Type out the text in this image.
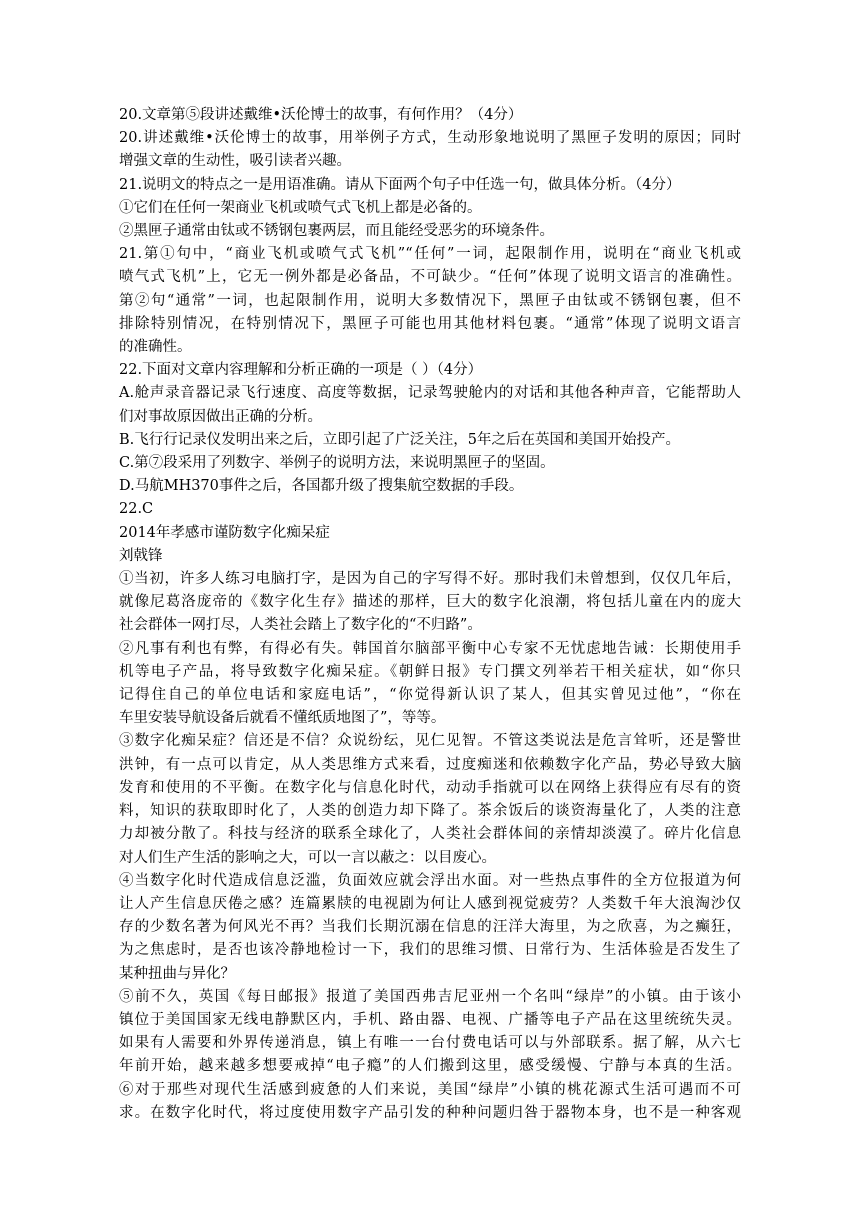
20.文章第⑤段讲述戴维•沃伦博士的故事，有何作用？（4分）

20.讲述戴维•沃伦博士的故事，用举例子方式，生动形象地说明了黑匣子发明的原因；同时

增强文章的生动性，吸引读者兴趣。

21.说明文的特点之一是用语准确。请从下面两个句子中任选一句，做具体分析。（4分）

①它们在任何一架商业飞机或喷气式飞机上都是必备的。

②黑匣子通常由钛或不锈钢包裹两层，而且能经受恶劣的环境条件。

21.第①句中，“商业飞机或喷气式飞机”“任何”一词，起限制作用，说明在“商业飞机或

喷气式飞机”上，它无一例外都是必备品，不可缺少。“任何”体现了说明文语言的准确性。

第②句“通常”一词，也起限制作用，说明大多数情况下，黑匣子由钛或不锈钢包裹，但不

排除特别情况，在特别情况下，黑匣子可能也用其他材料包裹。“通常”体现了说明文语言

的准确性。

22.下面对文章内容理解和分析正确的一项是（ ）（4分）

A.舱声录音器记录飞行速度、高度等数据，记录驾驶舱内的对话和其他各种声音，它能帮助人

们对事故原因做出正确的分析。

B.飞行行记录仪发明出来之后，立即引起了广泛关注，5年之后在英国和美国开始投产。

C.第⑦段采用了列数字、举例子的说明方法，来说明黑匣子的坚固。

D.马航MH370事件之后，各国都升级了搜集航空数据的手段。

22.C

2014年孝感市谨防数字化痴呆症

刘戟锋

①当初，许多人练习电脑打字，是因为自己的字写得不好。那时我们未曾想到，仅仅几年后，

就像尼葛洛庞帝的《数字化生存》描述的那样，巨大的数字化浪潮，将包括儿童在内的庞大

社会群体一网打尽，人类社会踏上了数字化的“不归路”。

②凡事有利也有弊，有得必有失。韩国首尔脑部平衡中心专家不无忧虑地告诫：长期使用手

机等电子产品，将导致数字化痴呆症。《朝鲜日报》专门撰文列举若干相关症状，如“你只

记得住自己的单位电话和家庭电话”，“你觉得新认识了某人，但其实曾见过他”，“你在

车里安装导航设备后就看不懂纸质地图了”，等等。

③数字化痴呆症？信还是不信？众说纷纭，见仁见智。不管这类说法是危言耸听，还是警世

洪钟，有一点可以肯定，从人类思维方式来看，过度痴迷和依赖数字化产品，势必导致大脑

发育和使用的不平衡。在数字化与信息化时代，动动手指就可以在网络上获得应有尽有的资

料，知识的获取即时化了，人类的创造力却下降了。茶余饭后的谈资海量化了，人类的注意

力却被分散了。科技与经济的联系全球化了，人类社会群体间的亲情却淡漠了。碎片化信息

对人们生产生活的影响之大，可以一言以蔽之：以目废心。

④当数字化时代造成信息泛滥，负面效应就会浮出水面。对一些热点事件的全方位报道为何

让人产生信息厌倦之感？连篇累牍的电视剧为何让人感到视觉疲劳？人类数千年大浪淘沙仅

存的少数名著为何风光不再？当我们长期沉溺在信息的汪洋大海里，为之欣喜，为之癫狂，

为之焦虑时，是否也该冷静地检讨一下，我们的思维习惯、日常行为、生活体验是否发生了

某种扭曲与异化？

⑤前不久，英国《每日邮报》报道了美国西弗吉尼亚州一个名叫“绿岸”的小镇。由于该小

镇位于美国国家无线电静默区内，手机、路由器、电视、广播等电子产品在这里统统失灵。

如果有人需要和外界传递消息，镇上有唯一一台付费电话可以与外部联系。据了解，从六七

年前开始，越来越多想要戒掉“电子瘾”的人们搬到这里，感受缓慢、宁静与本真的生活。

⑥对于那些对现代生活感到疲惫的人们来说，美国“绿岸”小镇的桃花源式生活可遇而不可

求。在数字化时代，将过度使用数字产品引发的种种问题归咎于器物本身，也不是一种客观
